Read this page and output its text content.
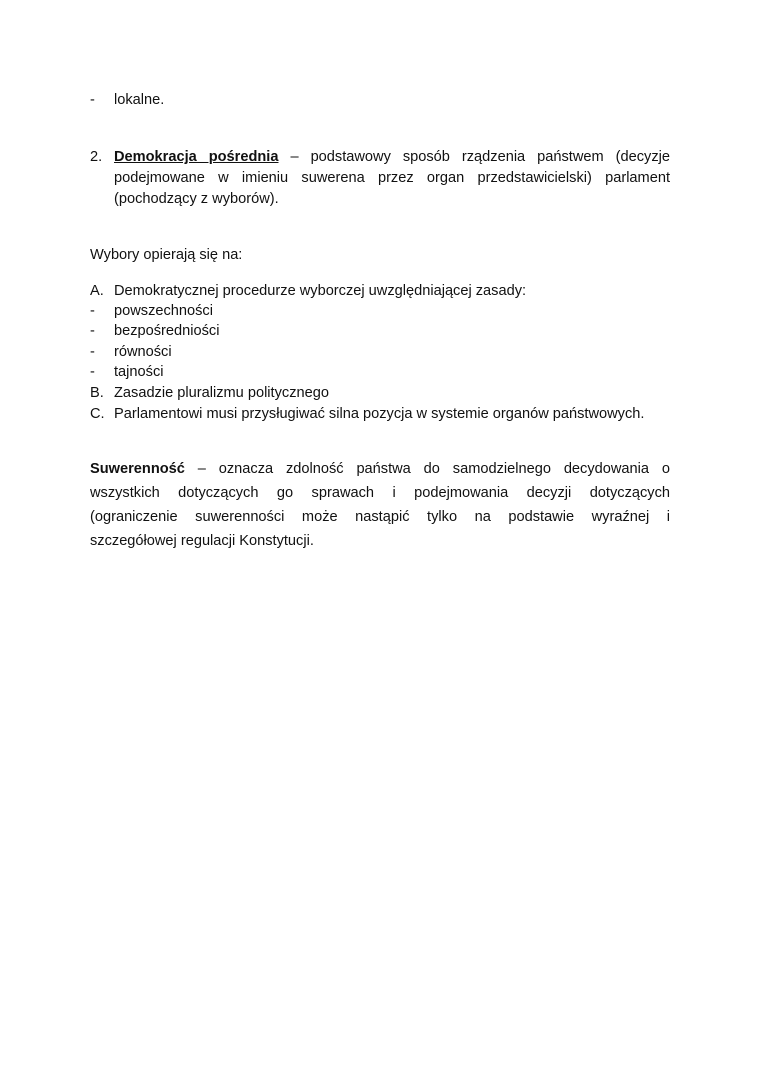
-	lokalne.
2. Demokracja pośrednia – podstawowy sposób rządzenia państwem (decyzje
podejmowane w imieniu suwerena przez organ przedstawicielski) parlament
(pochodzący z wyborów).
Wybory opierają się na:
A. Demokratycznej procedurze wyborczej uwzględniającej zasady:
-	powszechności
-	bezpośredniości
-	równości
-	tajności
B. Zasadzie pluralizmu politycznego
C. Parlamentowi musi przysługiwać silna pozycja w systemie organów państwowych.
Suwerenność – oznacza zdolność państwa do samodzielnego decydowania o
wszystkich dotyczących go sprawach i podejmowania decyzji dotyczących
(ograniczenie suwerenności może nastąpić tylko na podstawie wyraźnej i
szczegółowej regulacji Konstytucji.
